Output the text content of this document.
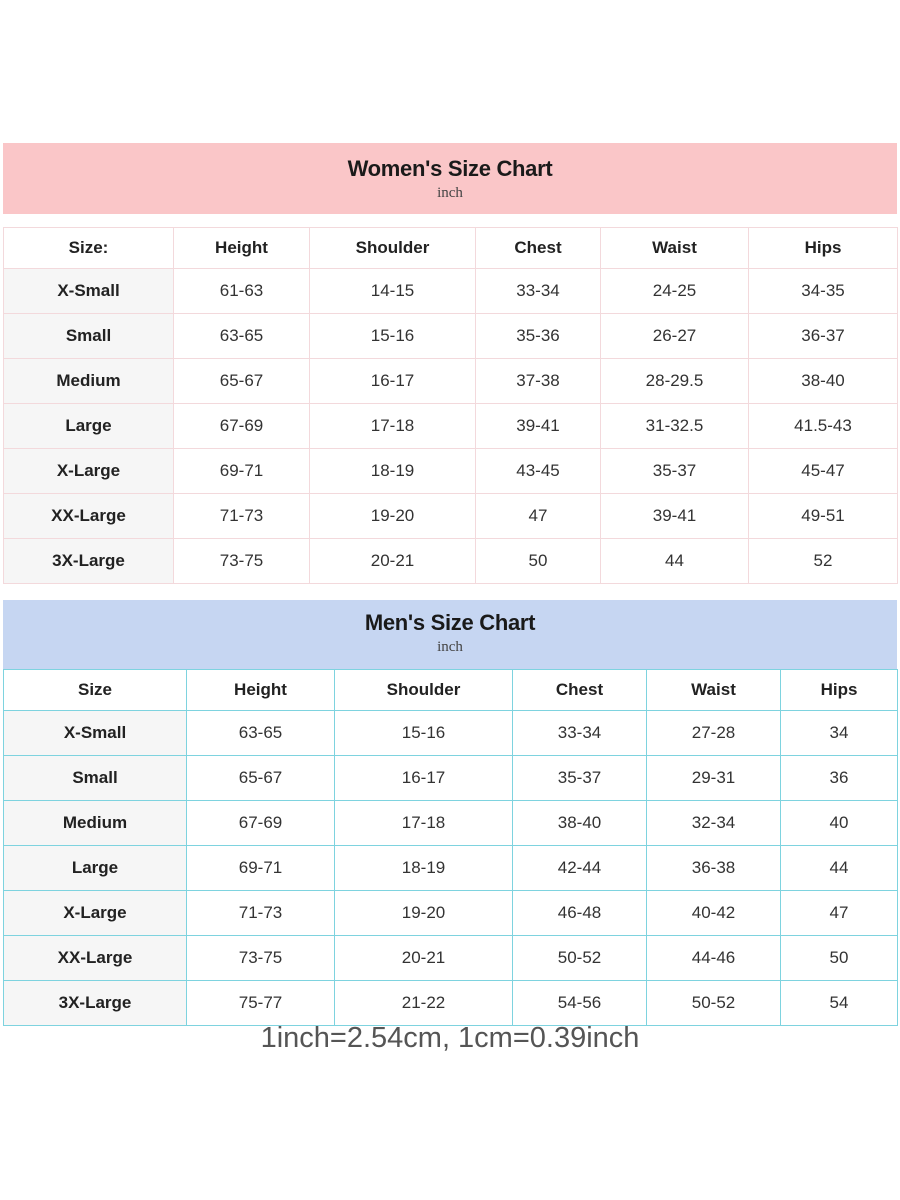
Women's Size Chart
inch
Size:	Height	Shoulder	Chest	Waist	Hips
X-Small	61-63	14-15	33-34	24-25	34-35
Small	63-65	15-16	35-36	26-27	36-37
Medium	65-67	16-17	37-38	28-29.5	38-40
Large	67-69	17-18	39-41	31-32.5	41.5-43
X-Large	69-71	18-19	43-45	35-37	45-47
XX-Large	71-73	19-20	47	39-41	49-51
3X-Large	73-75	20-21	50	44	52
Men's Size Chart
inch
Size	Height	Shoulder	Chest	Waist	Hips
X-Small	63-65	15-16	33-34	27-28	34
Small	65-67	16-17	35-37	29-31	36
Medium	67-69	17-18	38-40	32-34	40
Large	69-71	18-19	42-44	36-38	44
X-Large	71-73	19-20	46-48	40-42	47
XX-Large	73-75	20-21	50-52	44-46	50
3X-Large	75-77	21-22	54-56	50-52	54
1inch=2.54cm, 1cm=0.39inch
